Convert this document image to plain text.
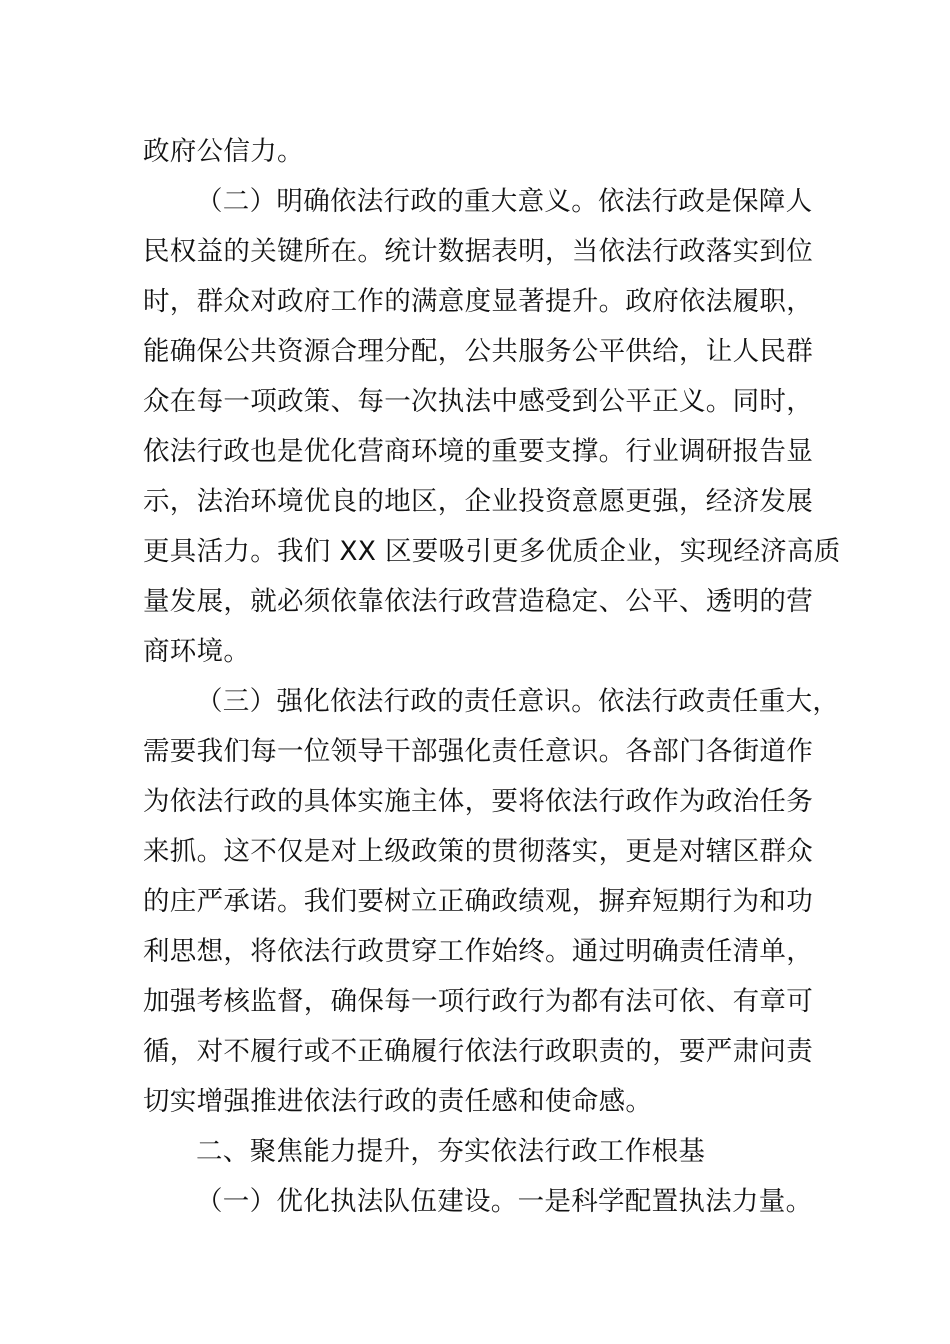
政府公信力。
（二）明确依法行政的重大意义。依法行政是保障人
民权益的关键所在。统计数据表明，当依法行政落实到位
时，群众对政府工作的满意度显著提升。政府依法履职，
能确保公共资源合理分配，公共服务公平供给，让人民群
众在每一项政策、每一次执法中感受到公平正义。同时，
依法行政也是优化营商环境的重要支撑。行业调研报告显
示，法治环境优良的地区，企业投资意愿更强，经济发展
更具活力。我们 XX 区要吸引更多优质企业，实现经济高质
量发展，就必须依靠依法行政营造稳定、公平、透明的营
商环境。
（三）强化依法行政的责任意识。依法行政责任重大，
需要我们每一位领导干部强化责任意识。各部门各街道作
为依法行政的具体实施主体，要将依法行政作为政治任务
来抓。这不仅是对上级政策的贯彻落实，更是对辖区群众
的庄严承诺。我们要树立正确政绩观，摒弃短期行为和功
利思想，将依法行政贯穿工作始终。通过明确责任清单，
加强考核监督，确保每一项行政行为都有法可依、有章可
循，对不履行或不正确履行依法行政职责的，要严肃问责
切实增强推进依法行政的责任感和使命感。
二、聚焦能力提升，夯实依法行政工作根基
（一）优化执法队伍建设。一是科学配置执法力量。
